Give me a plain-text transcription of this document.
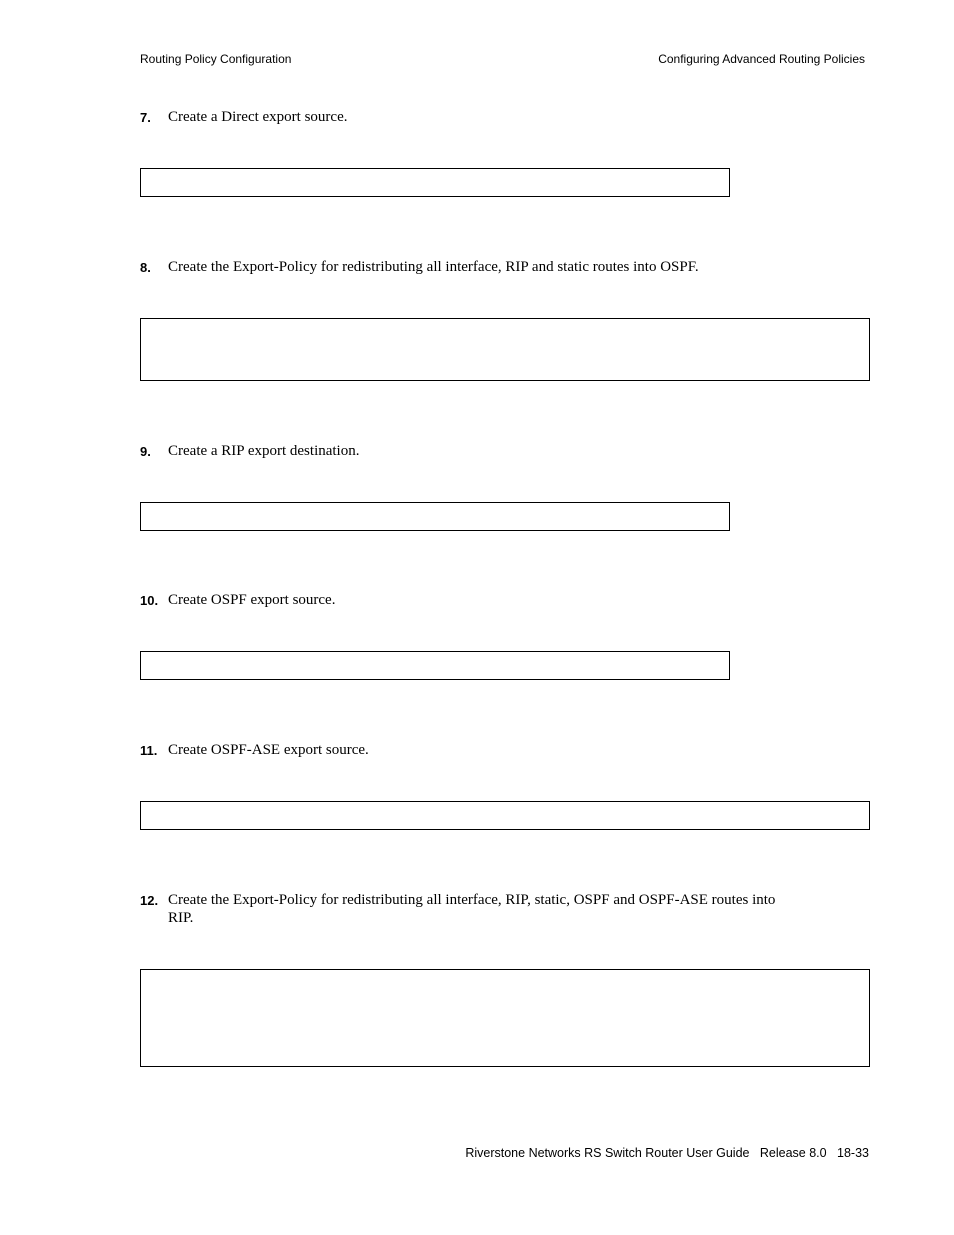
Routing Policy Configuration	Configuring Advanced Routing Policies
7. Create a Direct export source.
8. Create the Export-Policy for redistributing all interface, RIP and static routes into OSPF.
9. Create a RIP export destination.
10. Create OSPF export source.
11. Create OSPF-ASE export source.
12. Create the Export-Policy for redistributing all interface, RIP, static, OSPF and OSPF-ASE routes into RIP.
Riverstone Networks RS Switch Router User Guide   Release 8.0   18-33
